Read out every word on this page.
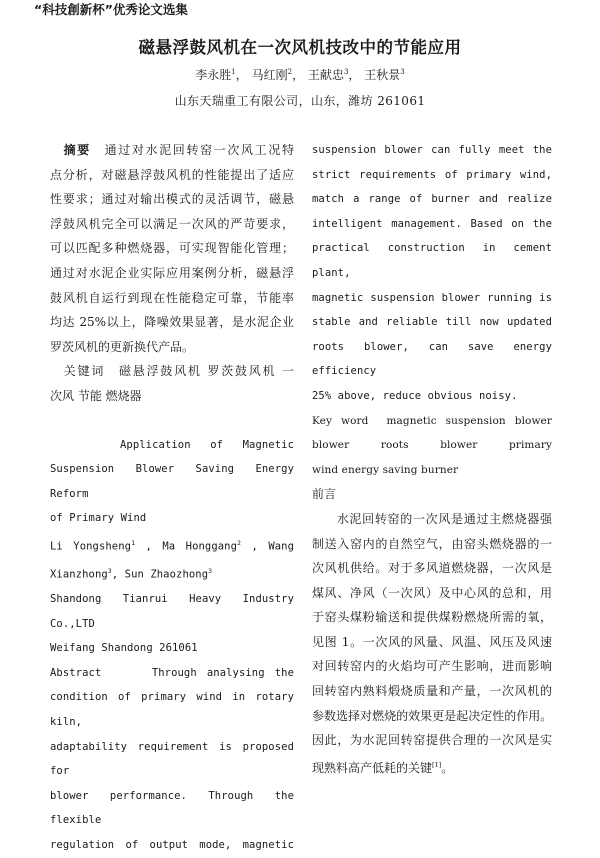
“科技創新杯”优秀论文选集
磁悬浮鼓风机在一次风机技改中的节能应用
李永胜$^1$， 马红刚$^2$， 王献忠$^3$， 王秋景$^3$
山东天瑞重工有限公司，山东，潍坊 261061

 摘要  通过对水泥回转窑一次风工况特

点分析，对磁悬浮鼓风机的性能提出了适应

性要求；通过对输出模式的灵活调节，磁悬

浮鼓风机完全可以满足一次风的严苛要求，

可以匹配多种燃烧器，可实现智能化管理；

通过对水泥企业实际应用案例分析，磁悬浮

鼓风机自运行到现在性能稳定可靠，节能率

均达 25%以上，降噪效果显著，是水泥企业

罗茨风机的更新换代产品。

 关键词  磁悬浮鼓风机 罗茨鼓风机 一

次风 节能 燃烧器

Application of Magnetic

Suspension Blower Saving Energy Reform

of Primary Wind

Li Yongsheng$^1$ , Ma Honggang$^2$ , Wang

Xianzhong$^3$, Sun Zhaozhong$^3$

Shandong Tianrui Heavy Industry Co.,LTD

Weifang Shandong 261061

Abstract	Through analysing the

condition of primary wind in rotary kiln,

adaptability requirement is proposed for

blower performance. Through the flexible

regulation of output mode, magnetic

suspension blower can fully meet the

strict requirements of primary wind,

match a range of burner and realize

intelligent management. Based on the

practical construction in cement plant,

magnetic suspension blower running is

stable and reliable till now updated

roots blower, can save energy efficiency

25% above, reduce obvious noisy.

Key word magnetic suspension blower

blower roots blower primary

wind energy saving burner

前言

  水泥回转窑的一次风是通过主燃烧器强

制送入窑内的自然空气，由窑头燃烧器的一

次风机供给。对于多风道燃烧器，一次风是

煤风、净风（一次风）及中心风的总和，用

于窑头煤粉输送和提供煤粉燃烧所需的氧，

见图 1。一次风的风量、风温、风压及风速

对回转窑内的火焰均可产生影响，进而影响

回转窑内熟料煅烧质量和产量，一次风机的

参数选择对燃烧的效果更是起决定性的作用。

因此，为水泥回转窑提供合理的一次风是实

现熟料高产低耗的关键[1]。
